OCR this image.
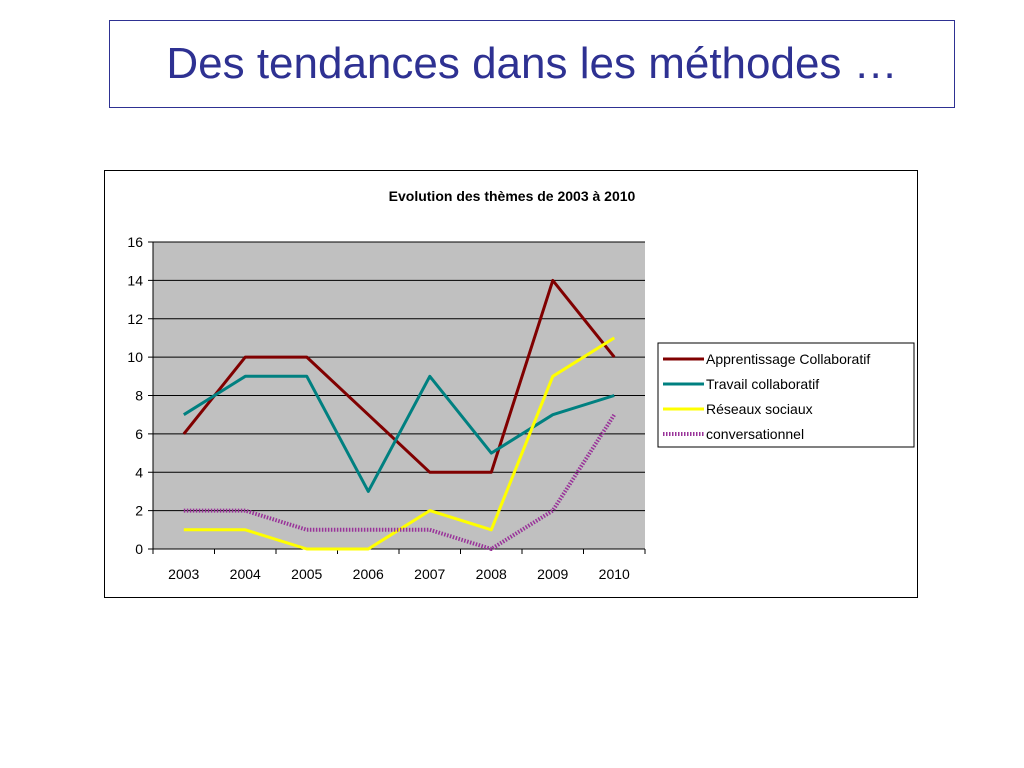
Des tendances dans les méthodes …
Evolution des thèmes de 2003 à 2010
0
2
4
6
8
10
12
14
16
2003 2004 2005 2006 2007 2008 2009 2010
Apprentissage Collaboratif
Travail collaboratif
Réseaux sociaux
conversationnel
